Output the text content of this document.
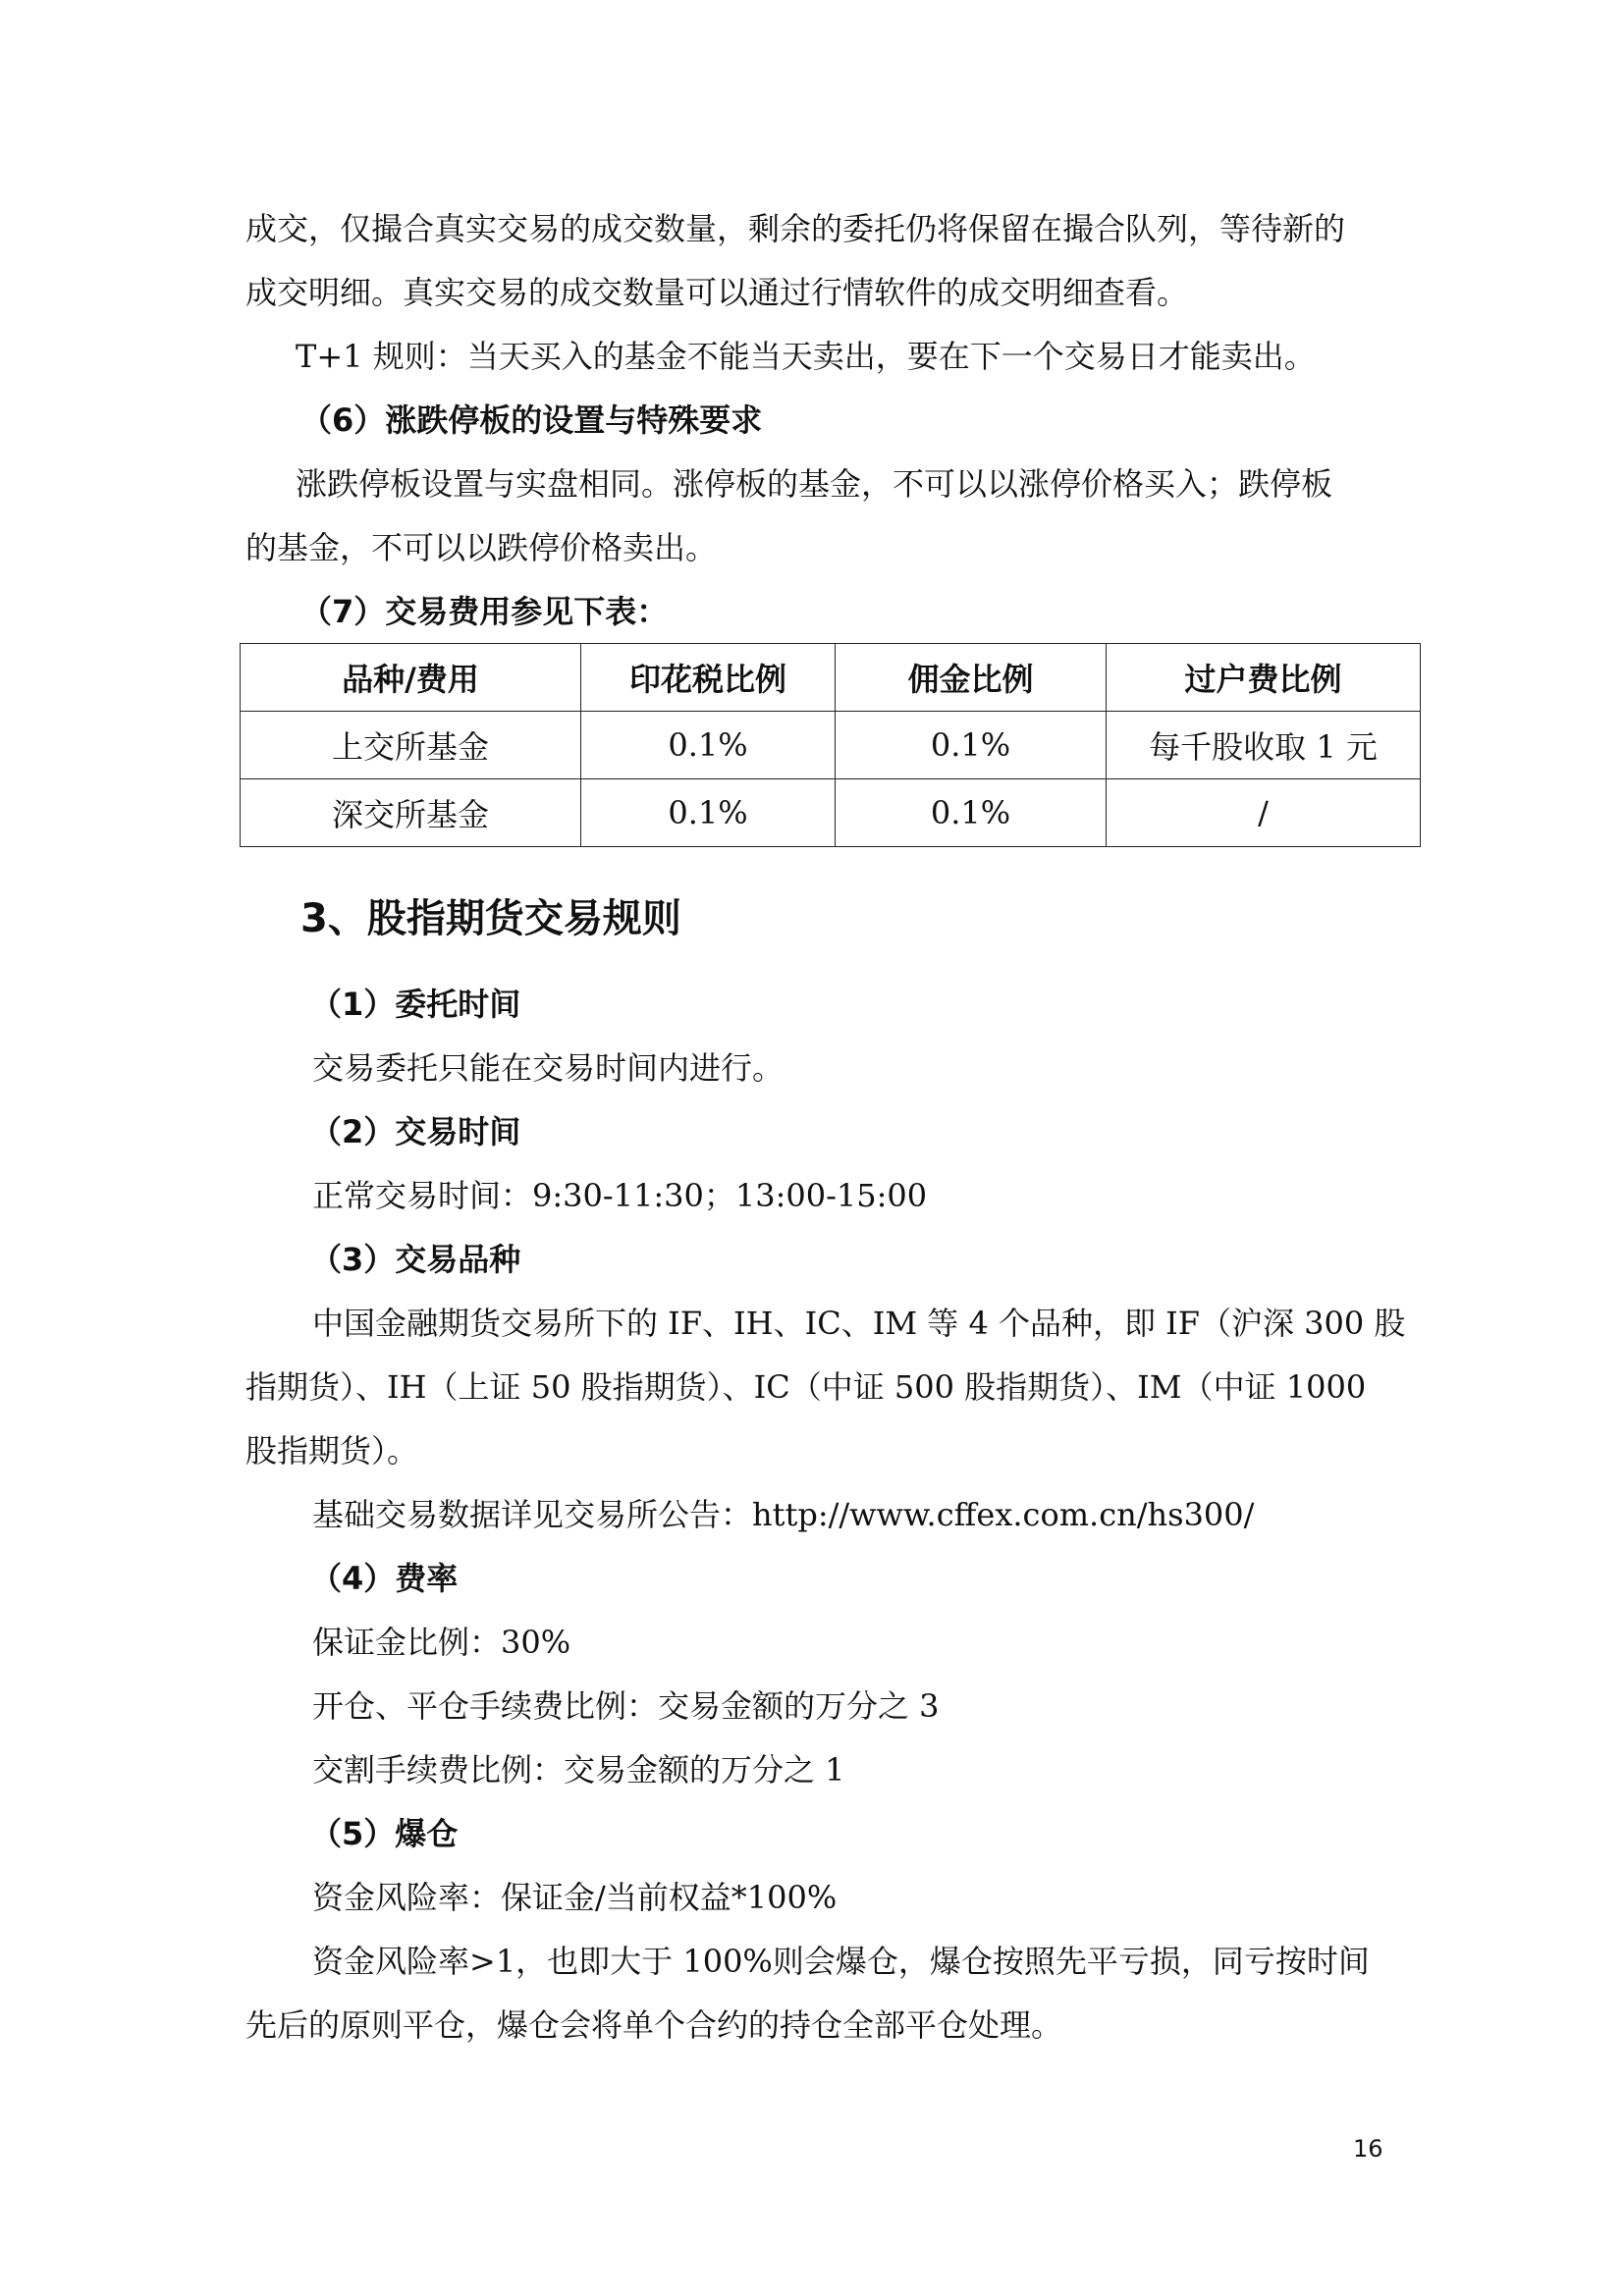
成交，仅撮合真实交易的成交数量，剩余的委托仍将保留在撮合队列，等待新的
成交明细。真实交易的成交数量可以通过行情软件的成交明细查看。
T+1 规则：当天买入的基金不能当天卖出，要在下一个交易日才能卖出。
（6）涨跌停板的设置与特殊要求
涨跌停板设置与实盘相同。涨停板的基金，不可以以涨停价格买入；跌停板
的基金，不可以以跌停价格卖出。
（7）交易费用参见下表：
品种/费用	印花税比例	佣金比例	过户费比例
上交所基金	0.1%	0.1%	每千股收取 1 元
深交所基金	0.1%	0.1%	/
3、股指期货交易规则
（1）委托时间
交易委托只能在交易时间内进行。
（2）交易时间
正常交易时间：9:30-11:30；13:00-15:00
（3）交易品种
中国金融期货交易所下的 IF、IH、IC、IM 等 4 个品种，即 IF（沪深 300 股
指期货）、IH（上证 50 股指期货）、IC（中证 500 股指期货）、IM（中证 1000
股指期货）。
基础交易数据详见交易所公告：http://www.cffex.com.cn/hs300/
（4）费率
保证金比例：30%
开仓、平仓手续费比例：交易金额的万分之 3
交割手续费比例：交易金额的万分之 1
（5）爆仓
资金风险率：保证金/当前权益*100%
资金风险率>1，也即大于 100%则会爆仓，爆仓按照先平亏损，同亏按时间
先后的原则平仓，爆仓会将单个合约的持仓全部平仓处理。
16
